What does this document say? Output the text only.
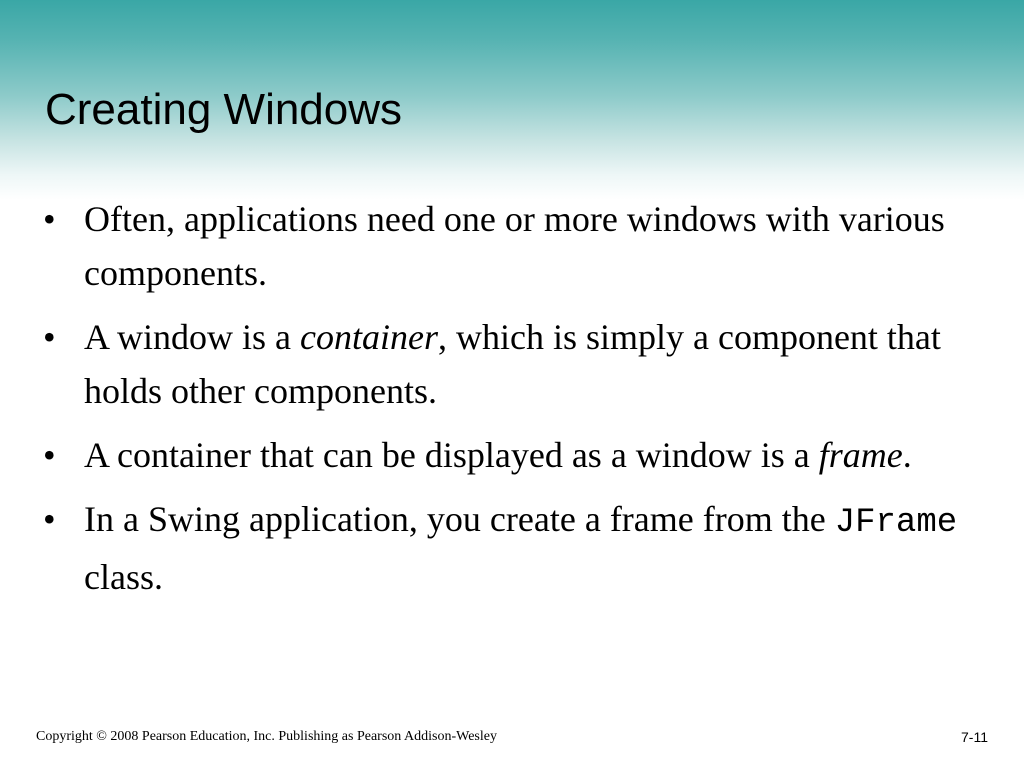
Creating Windows
• Often, applications need one or more windows with various components.
• A window is a container, which is simply a component that holds other components.
• A container that can be displayed as a window is a frame.
• In a Swing application, you create a frame from the JFrame class.
Copyright © 2008 Pearson Education, Inc. Publishing as Pearson Addison-Wesley	7-11
